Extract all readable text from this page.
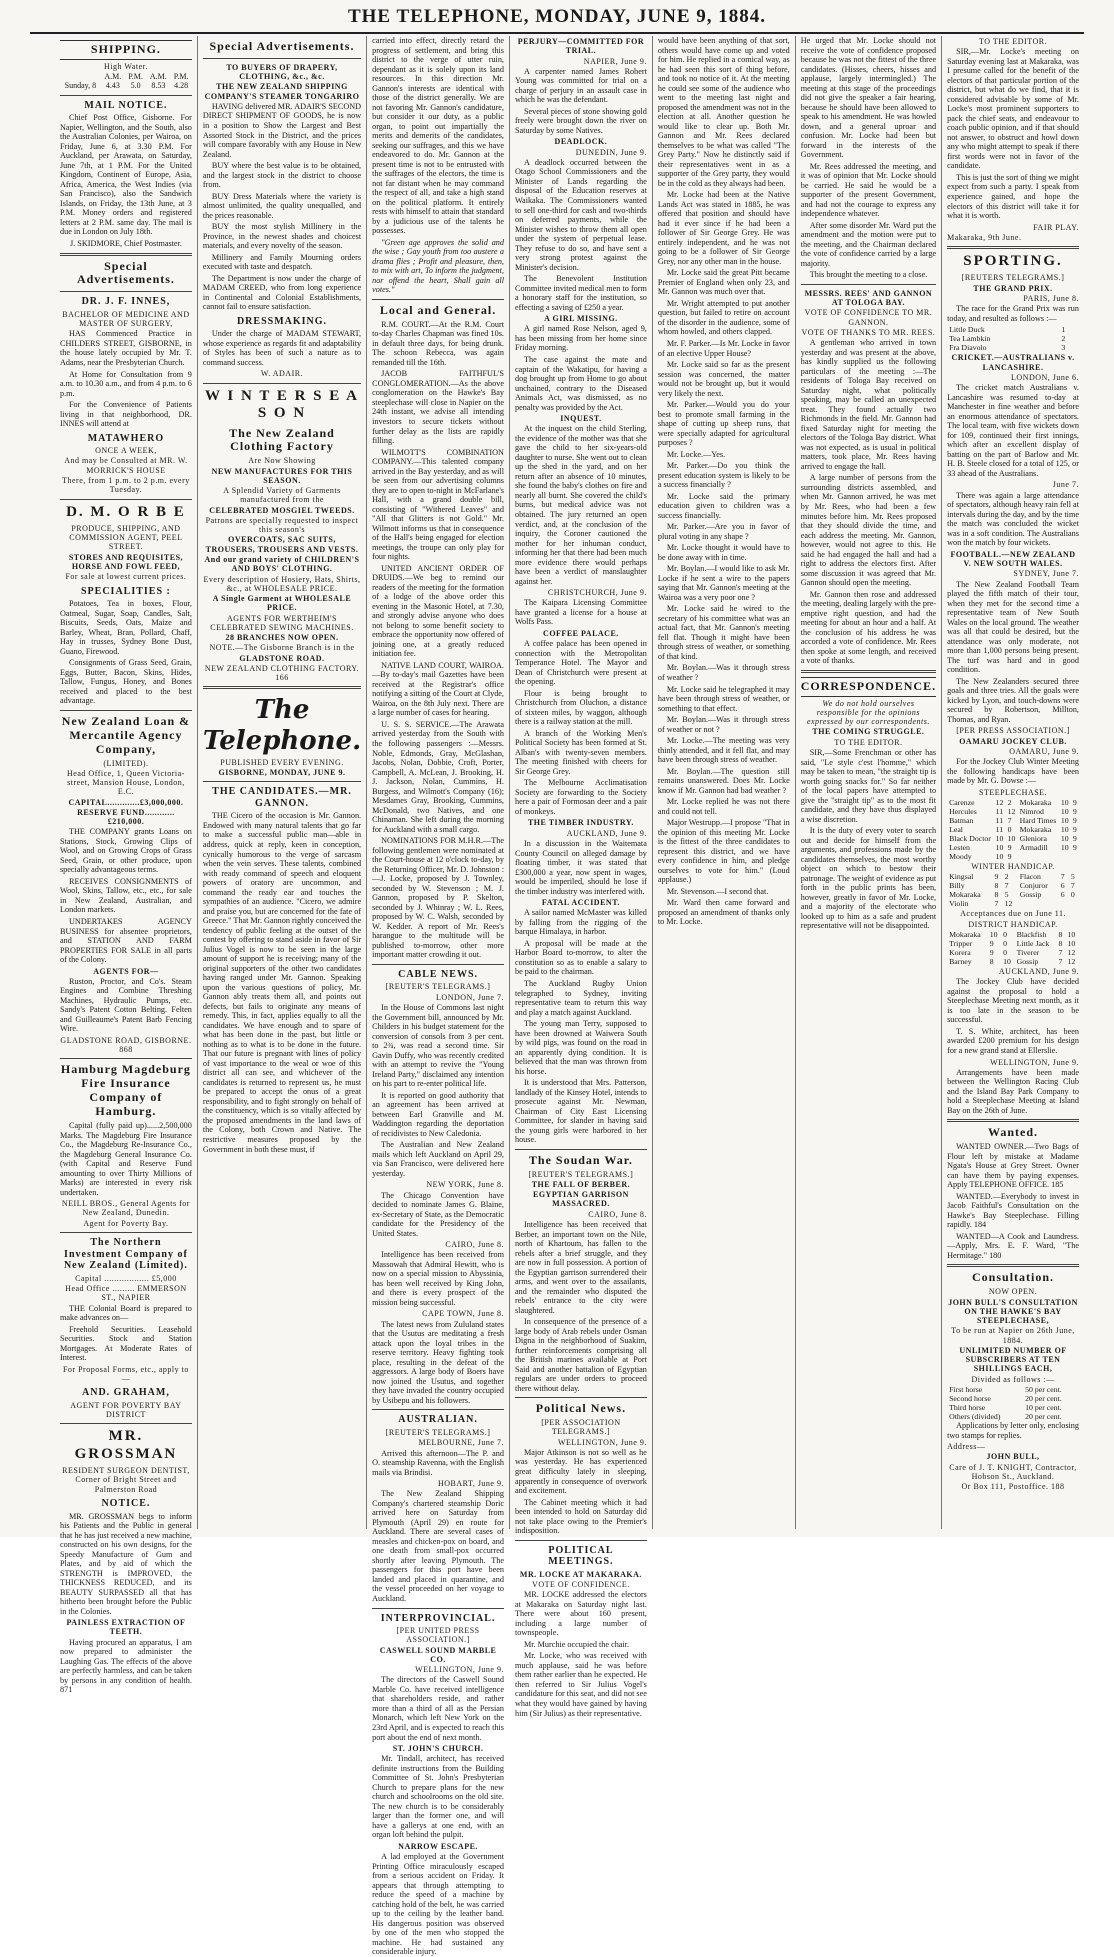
THE TELEPHONE, MONDAY, JUNE 9, 1884.
SHIPPING.
High Water.
	A.M.	P.M.	A.M.	P.M.
Sunday, 8	4.43	5.0	8.53	4.28
MAIL NOTICE.

Chief Post Office, Gisborne. For Napier, Wellington, and the South, also the Australian Colonies, per Wairoa, on Friday, June 6, at 3.30 P.M. For Auckland, per Arawata, on Saturday, June 7th, at 1 P.M. For the United Kingdom, Continent of Europe, Asia, Africa, America, the West Indies (via San Francisco), also the Sandwich Islands, on Friday, the 13th June, at 3 P.M. Money orders and registered letters at 2 P.M. same day. The mail is due in London on July 18th.

J. SKIDMORE, Chief Postmaster.

Special Advertisements.
DR. J. F. INNES,
BACHELOR OF MEDICINE AND MASTER OF SURGERY,

HAS Commenced Practice in CHILDERS STREET, GISBORNE, in the house lately occupied by Mr. T. Adams, near the Presbyterian Church.

At Home for Consultation from 9 a.m. to 10.30 a.m., and from 4 p.m. to 6 p.m.

For the Convenience of Patients living in that neighborhood, DR. INNES will attend at

MATAWHERO
ONCE A WEEK,
And may be Consulted at MR. W. MORRICK'S HOUSE
There, from 1 p.m. to 2 p.m. every Tuesday.
D. M. O R B E
PRODUCE, SHIPPING, AND COMMISSION AGENT, PEEL STREET.
STORES AND REQUISITES, HORSE AND FOWL FEED,
For sale at lowest current prices.
SPECIALITIES :

Potatoes, Tea in boxes, Flour, Oatmeal, Sugar, Soap, Candles, Salt, Biscuits, Seeds, Oats, Maize and Barley, Wheat, Bran, Pollard, Chaff, Hay in trusses, Sydney Bone Dust, Guano, Firewood.

Consignments of Grass Seed, Grain, Eggs, Butter, Bacon, Skins, Hides, Tallow, Fungus, Honey, and Bones received and placed to the best advantage.

New Zealand Loan & Mercantile Agency Company,
(LIMITED).
Head Office, 1, Queen Victoria-street, Mansion House, London, E.C.
CAPITAL.............£3,000,000.
RESERVE FUND............£210,000.

THE COMPANY grants Loans on Stations, Stock, Growing Clips of Wool, and on Growing Crops of Grass Seed, Grain, or other produce, upon specially advantageous terms.

RECEIVES CONSIGNMENTS of Wool, Skins, Tallow, etc., etc., for sale in New Zealand, Australian, and London markets.

UNDERTAKES AGENCY BUSINESS for absentee proprietors, and STATION AND FARM PROPERTIES FOR SALE in all parts of the Colony.

AGENTS FOR—

Ruston, Proctor, and Co's. Steam Engines and Combine Threshing Machines, Hydraulic Pumps, etc. Sandy's Patent Cotton Belting. Felten and Guilleaume's Patent Barb Fencing Wire.

GLADSTONE ROAD, GISBORNE. 868
Hamburg Magdeburg Fire Insurance Company of Hamburg.

Capital (fully paid up)......2,500,000 Marks. The Magdeburg Fire Insurance Co., the Magdeburg Re-Insurance Co., the Magdeburg General Insurance Co. (with Capital and Reserve Fund amounting to over Thirty Millions of Marks) are interested in every risk undertaken.

NEILL BROS., General Agents for New Zealand, Dunedin.
Agent for Poverty Bay.
The Northern Investment Company of New Zealand (Limited).
Capital .................. £5,000
Head Office ......... EMMERSON ST., NAPIER

THE Colonial Board is prepared to make advances on—

Freehold Securities. Leasehold Securities. Stock and Station Mortgages. At Moderate Rates of Interest.

For Proposal Forms, etc., apply to—
AND. GRAHAM,
AGENT FOR POVERTY BAY DISTRICT
MR. GROSSMAN
RESIDENT SURGEON DENTIST, Corner of Bright Street and Palmerston Road
NOTICE.

MR. GROSSMAN begs to inform his Patients and the Public in general that he has just received a new machine, constructed on his own designs, for the Speedy Manufacture of Gum and Plates, and by aid of which the STRENGTH is IMPROVED, the THICKNESS REDUCED, and its BEAUTY SURPASSED all that has hitherto been brought before the Public in the Colonies.

PAINLESS EXTRACTION OF TEETH.

Having procured an apparatus, I am now prepared to administer the Laughing Gas. The effects of the above are perfectly harmless, and can be taken by persons in any condition of health. 871

Special Advertisements.
TO BUYERS OF DRAPERY, CLOTHING, &c., &c.
THE NEW ZEALAND SHIPPING COMPANY'S STEAMER TONGARIRO

HAVING delivered MR. ADAIR'S SECOND DIRECT SHIPMENT OF GOODS, he is now in a position to Show the Largest and Best Assorted Stock in the District, and the prices will compare favorably with any House in New Zealand.

BUY where the best value is to be obtained, and the largest stock in the district to choose from.

BUY Dress Materials where the variety is almost unlimited, the quality unequalled, and the prices reasonable.

BUY the most stylish Millinery in the Province, in the newest shades and choicest materials, and every novelty of the season.

Millinery and Family Mourning orders executed with taste and despatch.

The Department is now under the charge of MADAM CREED, who from long experience in Continental and Colonial Establishments, cannot fail to ensure satisfaction.

DRESSMAKING.

Under the charge of MADAM STEWART, whose experience as regards fit and adaptability of Styles has been of such a nature as to command success.

W. ADAIR.
W I N T E R S E A S O N
The New Zealand Clothing Factory
Are Now Showing
NEW MANUFACTURES FOR THIS SEASON.
A Splendid Variety of Garments manufactured from the
CELEBRATED MOSGIEL TWEEDS.
Patrons are specially requested to inspect this season's
OVERCOATS, SAC SUITS, TROUSERS, TROUSERS AND VESTS.
And our grand variety of CHILDREN'S AND BOYS' CLOTHING.
Every description of Hosiery, Hats, Shirts, &c., at WHOLESALE PRICE.
A Single Garment at WHOLESALE PRICE.
AGENTS FOR WERTHEIM'S CELEBRATED SEWING MACHINES.
28 BRANCHES NOW OPEN.
NOTE.—The Gisborne Branch is in the
GLADSTONE ROAD.
NEW ZEALAND CLOTHING FACTORY. 166
The Telephone.
PUBLISHED EVERY EVENING.
GISBORNE, MONDAY, JUNE 9.
THE CANDIDATES.—MR. GANNON.

THE Cicero of the occasion is Mr. Gannon. Endowed with many natural talents that go far to make a successful public man—able in address, quick at reply, keen in conception, cynically humorous to the verge of sarcasm when the vein serves. These talents, combined with ready command of speech and eloquent powers of oratory are uncommon, and command the ready ear and touches the sympathies of an audience. "Cicero, we admire and praise you, but are concerned for the fate of Greece." That Mr. Gannon rightly conceived the tendency of public feeling at the outset of the contest by offering to stand aside in favor of Sir Julius Vogel is now to be seen in the large amount of support he is receiving; many of the original supporters of the other two candidates having ranged under Mr. Gannon. Speaking upon the various questions of policy, Mr. Gannon ably treats them all, and points out defects, but fails to originate any means of remedy. This, in fact, applies equally to all the candidates. We have enough and to spare of what has been done in the past, but little or nothing as to what is to be done in the future. That our future is pregnant with lines of policy of vast importance to the weal or woe of this district all can see, and whichever of the candidates is returned to represent us, he must be prepared to accept the onus of a great responsibility, and to fight strongly on behalf of the constituency, which is so vitally affected by the proposed amendments in the land laws of the Colony, both Crown and Native. The restrictive measures proposed by the Government in both these must, if

carried into effect, directly retard the progress of settlement, and bring this district to the verge of utter ruin, dependant as it is solely upon its land resources. In this direction Mr. Gannon's interests are identical with those of the district generally. We are not favoring Mr. Gannon's candidature, but consider it our duty, as a public organ, to point out impartially the merits and demerits of the candidates, seeking our suffrages, and this we have endeavored to do. Mr. Gannon at the present time is not to be entrusted with the suffrages of the electors, the time is not far distant when he may command the respect of all, and take a high stand on the political platform. It entirely rests with himself to attain that standard by a judicious use of the talents he possesses.

"Green age approves the solid and the wise ; Gay youth from too austere a drama flies ; Profit and pleasure, then, to mix with art, To inform the judgment, nor offend the heart, Shall gain all votes."

Local and General.

R.M. COURT.—At the R.M. Court to-day Charles Chapman was fined 10s. in default three days, for being drunk. The schoon Rebecca, was again remanded till the 16th.

JACOB FAITHFUL'S CONGLOMERATION.—As the above conglomeration on the Hawke's Bay steeplechase will close in Napier on the 24th instant, we advise all intending investors to secure tickets without further delay as the lists are rapidly filling.

WILMOTT'S COMBINATION COMPANY.—This talented company arrived in the Bay yesterday, and as will be seen from our advertising columns they are to open to-night in McFarlane's Hall, with a grand double bill, consisting of "Withered Leaves" and "All that Glitters is not Gold." Mr. Wilmott informs us that in consequence of the Hall's being engaged for election meetings, the troupe can only play for four nights.

UNITED ANCIENT ORDER OF DRUIDS.—We beg to remind our readers of the meeting for the formation of a lodge of the above order this evening in the Masonic Hotel, at 7.30, and strongly advise anyone who does not belong to some benefit society to embrace the opportunity now offered of joining one, at a greatly reduced initiation fee.

NATIVE LAND COURT, WAIROA.—By to-day's mail Gazettes have been received at the Registrar's office notifying a sitting of the Court at Clyde, Wairoa, on the 8th July next. There are a large number of cases for hearing.

U. S. S. SERVICE.—The Arawata arrived yesterday from the South with the following passengers :—Messrs. Noble, Edmonds, Gray, McGlashan, Jacobs, Nolan, Dobbie, Croft, Porter, Campbell, A. McLean, J. Brooking, H. J. Jackson, Nolan, Cummins, H. Burgess, and Wilmott's Company (16); Mesdames Gray, Brooking, Cummins, McDonald, two Natives, and one Chinaman. She left during the morning for Auckland with a small cargo.

NOMINATIONS FOR M.H.R.—The following gentlemen were nominated at the Court-house at 12 o'clock to-day, by the Returning Officer, Mr. D. Johnston :—J. Locke, proposed by J. Townley, seconded by W. Stevenson ; M. J. Gannon, proposed by P. Skelton, seconded by J. Whinray ; W. L. Rees, proposed by W. C. Walsh, seconded by W. Kedder. A report of Mr. Rees's harangue to the multitude will be published to-morrow, other more important matter crowding it out.

CABLE NEWS.
[REUTER'S TELEGRAMS.]
LONDON, June 7.

In the House of Commons last night the Government bill, announced by Mr. Childers in his budget statement for the conversion of consols from 3 per cent. to 2¾, was read a second time. Sir Gavin Duffy, who was recently credited with an attempt to revive the "Young Ireland Party," disclaimed any intention on his part to re-enter political life.

It is reported on good authority that an agreement has been arrived at between Earl Granville and M. Waddington regarding the deportation of recidivistes to New Caledonia.

The Australian and New Zealand mails which left Auckland on April 29, via San Francisco, were delivered here yesterday.

NEW YORK, June 8.

The Chicago Convention have decided to nominate James G. Blaine, ex-Secretary of State, as the Democratic candidate for the Presidency of the United States.

CAIRO, June 8.

Intelligence has been received from Massowah that Admiral Hewitt, who is now on a special mission to Abyssinia, has been well received by King John, and there is every prospect of the mission being successful.

CAPE TOWN, June 8.

The latest news from Zululand states that the Usutus are meditating a fresh attack upon the loyal tribes in the reserve territory. Heavy fighting took place, resulting in the defeat of the aggressors. A large body of Boers have now joined the Usutus, and together they have invaded the country occupied by Usibepu and his followers.

AUSTRALIAN.
[REUTER'S TELEGRAMS.]
MELBOURNE, June 7.

Arrived this afternoon—The P. and O. steamship Ravenna, with the English mails via Brindisi.

HOBART, June 9.

The New Zealand Shipping Company's chartered steamship Doric arrived here on Saturday from Plymouth (April 29) en route for Auckland. There are several cases of measles and chicken-pox on board, and one death from small-pox occurred shortly after leaving Plymouth. The passengers for this port have been landed and placed in quarantine, and the vessel proceeded on her voyage to Auckland.

INTERPROVINCIAL.
[PER UNITED PRESS ASSOCIATION.]
CASWELL SOUND MARBLE CO.
WELLINGTON, June 9.

The directors of the Caswell Sound Marble Co. have received intelligence that shareholders reside, and rather more than a third of all as the Persian Monarch, which left New York on the 23rd April, and is expected to reach this port about the end of next month.

ST. JOHN'S CHURCH.

Mr. Tindall, architect, has received definite instructions from the Building Committee of St. John's Presbyterian Church to prepare plans for the new church and schoolrooms on the old site. The new church is to be considerably larger than the former one, and will have a gallerys at one end, with an organ loft behind the pulpit.

NARROW ESCAPE.

A lad employed at the Government Printing Office miraculously escaped from a serious accident on Friday. It appears that through attempting to reduce the speed of a machine by catching hold of the belt, he was carried up to the ceiling by the leather band. His dangerous position was observed by one of the men who stopped the machine. He had sustained any considerable injury.

PERJURY—COMMITTED FOR TRIAL.
NAPIER, June 9.

A carpenter named James Robert Young was committed for trial on a charge of perjury in an assault case in which he was the defendant.

Several pieces of stone showing gold freely were brought down the river on Saturday by some Natives.

DEADLOCK.
DUNEDIN, June 9.

A deadlock occurred between the Otago School Commissioners and the Minister of Lands regarding the disposal of the Education reserves at Waikaka. The Commissioners wanted to sell one-third for cash and two-thirds on deferred payments, while the Minister wishes to throw them all open under the system of perpetual lease. They refuse to do so, and have sent a very strong protest against the Minister's decision.

The Benevolent Institution Committee invited medical men to form a honorary staff for the institution, so effecting a saving of £250 a year.

A GIRL MISSING.

A girl named Rose Nelson, aged 9, has been missing from her home since Friday morning.

The case against the mate and captain of the Wakatipu, for having a dog brought up from Home to go about unchained, contrary to the Diseased Animals Act, was dismissed, as no penalty was provided by the Act.

INQUEST.

At the inquest on the child Sterling, the evidence of the mother was that she gave the child to her six-years-old daughter to nurse. She went out to clean up the shed in the yard, and on her return after an absence of 10 minutes, she found the baby's clothes on fire and nearly all burnt. She covered the child's burns, but medical advice was not obtained. The jury returned an open verdict, and, at the conclusion of the inquiry, the Coroner cautioned the mother for her inhuman conduct, informing her that there had been much more evidence there would perhaps have been a verdict of manslaughter against her.

CHRISTCHURCH, June 9.

The Kaipara Licensing Committee have granted a license for a house at Wolfs Pass.

COFFEE PALACE.

A coffee palace has been opened in connection with the Metropolitan Temperance Hotel. The Mayor and Dean of Christchurch were present at the opening.

Flour is being brought to Christchurch from Oluchon, a distance of sixteen miles, by waggon, although there is a railway station at the mill.

A branch of the Working Men's Political Society has been formed at St. Alban's with twenty-seven members. The meeting finished with cheers for Sir George Grey.

The Melbourne Acclimatisation Society are forwarding to the Society here a pair of Formosan deer and a pair of monkeys.

THE TIMBER INDUSTRY.
AUCKLAND, June 9.

In a discussion in the Waitemata County Council on alleged damage by floating timber, it was stated that £300,000 a year, now spent in wages, would be imperiled, should he lose if the timber industry was interfered with.

FATAL ACCIDENT.

A sailor named McMaster was killed by falling from the rigging of the barque Himalaya, in harbor.

A proposal will be made at the Harbor Board to-morrow, to alter the constitution so as to enable a salary to be paid to the chairman.

The Auckland Rugby Union telegraphed to Sydney, inviting representative team to return this way and play a match against Auckland.

The young man Terry, supposed to have been drowned at Waiwera South by wild pigs, was found on the road in an apparently dying condition. It is believed that the man was thrown from his horse.

It is understood that Mrs. Patterson, landlady of the Kinsey Hotel, intends to prosecute against Mr. Newman, Chairman of City East Licensing Committee, for slander in having said the young girls were harbored in her house.

The Soudan War.
[REUTER'S TELEGRAMS.]
THE FALL OF BERBER.
EGYPTIAN GARRISON MASSACRED.
CAIRO, June 8.

Intelligence has been received that Berber, an important town on the Nile, north of Khartoum, has fallen to the rebels after a brief struggle, and they are now in full possession. A portion of the Egyptian garrison surrendered their arms, and went over to the assailants, and the remainder who disputed the rebels' entrance to the city were slaughtered.

In consequence of the presence of a large body of Arab rebels under Osman Digna in the neighborhood of Suakim, further reinforcements comprising all the British marines available at Port Said and another battalion of Egyptian regulars are under orders to proceed there without delay.

Political News.
[PER ASSOCIATION TELEGRAMS.]
WELLINGTON, June 9.

Major Atkinson is not so well as he was yesterday. He has experienced great difficulty lately in sleeping, apparently in consequence of overwork and excitement.

The Cabinet meeting which it had been intended to hold on Saturday did not take place owing to the Premier's indisposition.

POLITICAL MEETINGS.
MR. LOCKE AT MAKARAKA.
VOTE OF CONFIDENCE.

MR. LOCKE addressed the electors at Makaraka on Saturday night last. There were about 160 present, including a large number of townspeople.

Mr. Murchie occupied the chair.

Mr. Locke, who was received with much applause, said he was before them rather earlier than he expected. He then referred to Sir Julius Vogel's candidature for this seat, and did not see what they would have gained by having him (Sir Julius) as their representative.

would have been anything of that sort, others would have come up and voted for him. He replied in a comical way, as he had seen this sort of thing before, and took no notice of it. At the meeting he could see some of the audience who went to the meeting last night and proposed the amendment was not in the election at all. Another question he would like to clear up. Both Mr. Gannon and Mr. Rees declared themselves to be what was called "The Grey Party." Now he distinctly said if their representatives went in as a supporter of the Grey party, they would be in the cold as they always had been.

Mr. Locke had been at the Native Lands Act was stated in 1885, he was offered that position and should have had it ever since if he had been a follower of Sir George Grey. He was entirely independent, and he was not going to be a follower of Sir George Grey, nor any other man in the house.

Mr. Locke said the great Pitt became Premier of England when only 23, and Mr. Gannon was much over that.

Mr. Wright attempted to put another question, but failed to retire on account of the disorder in the audience, some of whom howled, and others clapped.

Mr. F. Parker.—Is Mr. Locke in favor of an elective Upper House?

Mr. Locke said so far as the present session was concerned, the matter would not be brought up, but it would very likely the next.

Mr. Parker.—Would you do your best to promote small farming in the shape of cutting up sheep runs, that were specially adapted for agricultural purposes ?

Mr. Locke.—Yes.

Mr. Parker.—Do you think the present education system is likely to be a success financially ?

Mr. Locke said the primary education given to children was a success financially.

Mr. Parker.—Are you in favor of plural voting in any shape ?

Mr. Locke thought it would have to be done away with in time.

Mr. Boylan.—I would like to ask Mr. Locke if he sent a wire to the papers saying that Mr. Gannon's meeting at the Wairoa was a very poor one ?

Mr. Locke said he wired to the secretary of his committee what was an actual fact, that Mr. Gannon's meeting fell flat. Though it might have been through stress of weather, or something of that kind.

Mr. Boylan.—Was it through stress of weather ?

Mr. Locke said he telegraphed it may have been through stress of weather, or something to that effect.

Mr. Boylan.—Was it through stress of weather or not ?

Mr. Locke.—The meeting was very thinly attended, and it fell flat, and may have been through stress of weather.

Mr. Boylan.—The question still remains unanswered. Does Mr. Locke know if Mr. Gannon had bad weather ?

Mr. Locke replied he was not there and could not tell.

Major Westrupp.—I propose "That in the opinion of this meeting Mr. Locke is the fittest of the three candidates to represent this district, and we have every confidence in him, and pledge ourselves to vote for him." (Loud applause.)

Mr. Stevenson.—I second that.

Mr. Ward then came forward and proposed an amendment of thanks only to Mr. Locke.

He urged that Mr. Locke should not receive the vote of confidence proposed because he was not the fittest of the three candidates. (Hisses, cheers, hisses and applause, largely intermingled.) The meeting at this stage of the proceedings did not give the speaker a fair hearing, because he should have been allowed to speak to his amendment. He was howled down, and a general uproar and confusion. Mr. Locke had been but forward in the interests of the Government.

Mr. Rees addressed the meeting, and it was of opinion that Mr. Locke should be carried. He said he would be a supporter of the present Government, and had not the courage to express any independence whatever.

After some disorder Mr. Ward put the amendment and the motion were put to the meeting, and the Chairman declared the vote of confidence carried by a large majority.

This brought the meeting to a close.

MESSRS. REES' AND GANNON AT TOLOGA BAY.
VOTE OF CONFIDENCE TO MR. GANNON.
VOTE OF THANKS TO MR. REES.

A gentleman who arrived in town yesterday and was present at the above, has kindly supplied us the following particulars of the meeting :—The residents of Tologa Bay received on Saturday night, what politically speaking, may be called an unexpected treat. They found actually two Richmonds in the field. Mr. Gannon had fixed Saturday night for meeting the electors of the Tologa Bay district. What was not expected, as is usual in political matters, took place, Mr. Rees having arrived to engage the hall.

A large number of persons from the surrounding districts assembled, and when Mr. Gannon arrived, he was met by Mr. Rees, who had been a few minutes before him. Mr. Rees proposed that they should divide the time, and each address the meeting. Mr. Gannon, however, would not agree to this. He said he had engaged the hall and had a right to address the electors first. After some discussion it was agreed that Mr. Gannon should open the meeting.

Mr. Gannon then rose and addressed the meeting, dealing largely with the pre-emptive right question, and had the meeting for about an hour and a half. At the conclusion of his address he was accorded a vote of confidence. Mr. Rees then spoke at some length, and received a vote of thanks.

CORRESPONDENCE.
We do not hold ourselves responsible for the opinions expressed by our correspondents.
THE COMING STRUGGLE.
TO THE EDITOR.

SIR,—Some Frenchman or other has said, "Le style c'est l'homme," which may be taken to mean, "the straight tip is worth going snacks for." So far neither of the local papers have attempted to give the "straight tip" as to the most fit candidate, and they have thus displayed a wise discretion.

It is the duty of every voter to search out and decide for himself from the arguments, and professions made by the candidates themselves, the most worthy object on which to bestow their patronage. The weight of evidence as put forth in the public prints has been, however, greatly in favor of Mr. Locke, and a majority of the electorate who looked up to him as a safe and prudent representative will not be disappointed.

TO THE EDITOR.

SIR,—Mr. Locke's meeting on Saturday evening last at Makaraka, was I presume called for the benefit of the electors of that particular portion of the district, but what do we find, that it is considered advisable by some of Mr. Locke's most prominent supporters to pack the chief seats, and endeavour to coach public opinion, and if that should not answer, to obstruct and howl down any who might attempt to speak if there first words were not in favor of the candidate.

This is just the sort of thing we might expect from such a party. I speak from experience gained, and hope the electors of this district will take it for what it is worth.

FAIR PLAY.
Makaraka, 9th June.
SPORTING.
[REUTERS TELEGRAMS.]
THE GRAND PRIX.
PARIS, June 8.

The race for the Grand Prix was run today, and resulted as follows :—

Little Duck	1
Tea Lambkin	2
Fra Diavolo	3
CRICKET.—AUSTRALIANS v. LANCASHIRE.
LONDON, June 6.

The cricket match Australians v. Lancashire was resumed to-day at Manchester in fine weather and before an enormous attendance of spectators. The local team, with five wickets down for 109, continued their first innings, which after an excellent display of batting on the part of Barlow and Mr. H. B. Steele closed for a total of 125, or 33 ahead of the Australians.

June 7.

There was again a large attendance of spectators, although heavy rain fell at intervals during the day, and by the time the match was concluded the wicket was in a soft condition. The Australians won the match by four wickets.

FOOTBALL.—NEW ZEALAND V. NEW SOUTH WALES.
SYDNEY, June 7.

The New Zealand Football Team played the fifth match of their tour, when they met for the second time a representative team of New South Wales on the local ground. The weather was all that could be desired, but the attendance was only moderate, not more than 1,000 persons being present. The turf was hard and in good condition.

The New Zealanders secured three goals and three tries. All the goals were kicked by Lyon, and touch-downs were secured by Robertson, Millton, Thomas, and Ryan.

[PER PRESS ASSOCIATION.]
OAMARU JOCKEY CLUB.
OAMARU, June 9.

For the Jockey Club Winter Meeting the following handicaps have been made by Mr. G. Dowse :—

STEEPLECHASE.
Carenze	12	2	Mokaraka	10	9
Hercules	11	12	Nimrod	10	9
Batman	11	7	Hard Times	10	9
Leal	11	0	Mokaraka	10	9
Black Doctor	10	10	Gleniora	10	9
Lesten	10	9	Armadill	10	9
Moody	10	9			
WINTER HANDICAP.
Kingsal	9	2	Flacon	7	5
Billy	8	7	Conjuror	6	7
Mokaraka	8	5	Gossip	6	0
Violin	7	12			
Acceptances due on June 11.
DISTRICT HANDICAP.
Mokaraka	10	0	Blackfish	8	10
Tripper	9	0	Little Jack	8	10
Korera	9	0	Tiverer	7	12
Barney	8	10	Gossip	7	12
AUCKLAND, June 9.

The Jockey Club have decided against the proposal to hold a Steeplechase Meeting next month, as it is too late in the season to be successful.

T. S. White, architect, has been awarded £200 premium for his design for a new grand stand at Ellerslie.

WELLINGTON, June 9.

Arrangements have been made between the Wellington Racing Club and the Island Bay Park Company to hold a Steeplechase Meeting at Island Bay on the 26th of June.

Wanted.

WANTED OWNER.—Two Bags of Flour left by mistake at Madame Ngata's House at Grey Street. Owner can have them by paying expenses. Apply TELEPHONE OFFICE. 185

WANTED.—Everybody to invest in Jacob Faithful's Consultation on the Hawke's Bay Steeplechase. Filling rapidly. 184

WANTED—A Cook and Laundress.—Apply, Mrs. E. F. Ward, "The Hermitage." 180

Consultation.
NOW OPEN.
JOHN BULL'S CONSULTATION ON THE HAWKE'S BAY STEEPLECHASE,
To be run at Napier on 26th June, 1884.
UNLIMITED NUMBER OF SUBSCRIBERS AT TEN SHILLINGS EACH,
Divided as follows :—
First horse	50 per cent.
Second horse	20 per cent.
Third horse	10 per cent.
Others (divided)	20 per cent.

Applications by letter only, enclosing two stamps for replies.

Address—
JOHN BULL,
Care of J. T. KNIGHT, Contractor, Hobson St., Auckland.
Or Box 111, Postoffice. 188
